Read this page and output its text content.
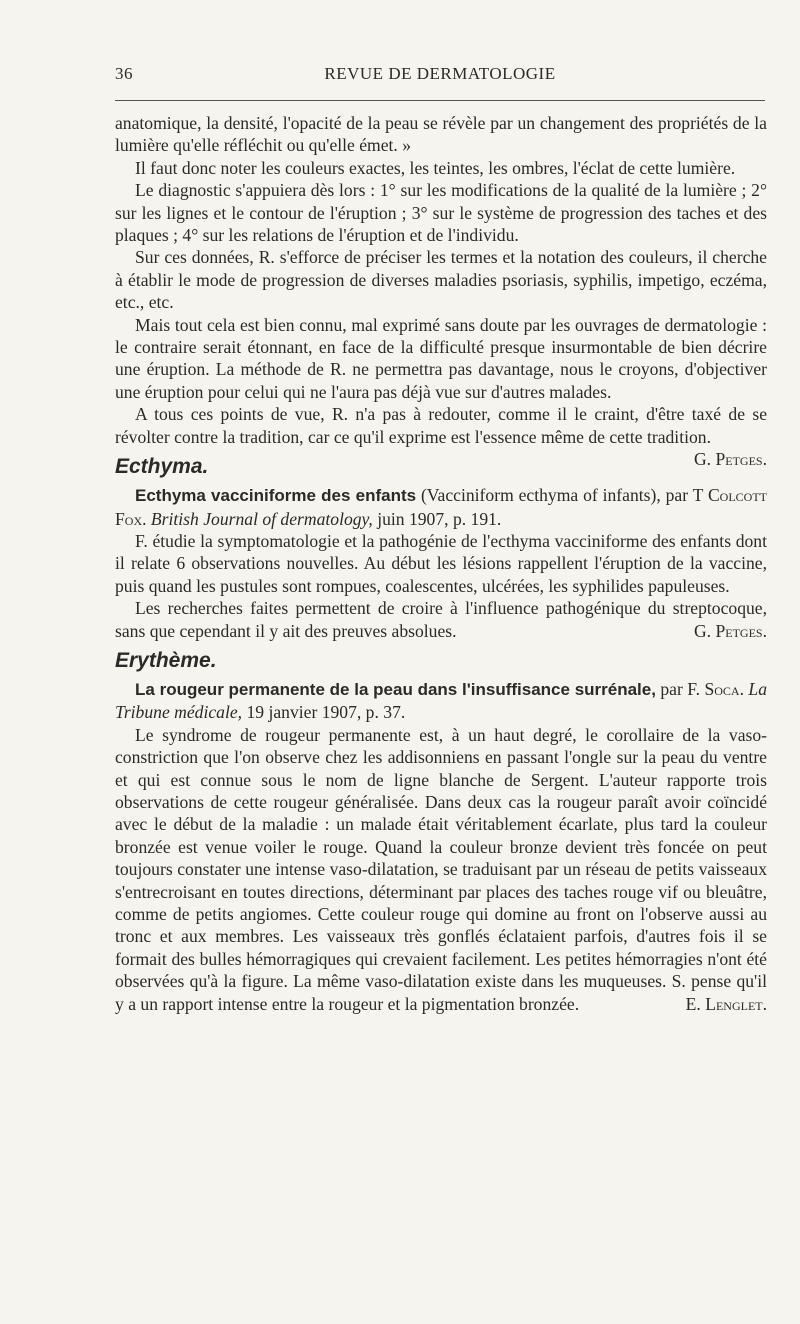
36	REVUE DE DERMATOLOGIE

anatomique, la densité, l'opacité de la peau se révèle par un changement des propriétés de la lumière qu'elle réfléchit ou qu'elle émet. »

Il faut donc noter les couleurs exactes, les teintes, les ombres, l'éclat de cette lumière.

Le diagnostic s'appuiera dès lors : 1° sur les modifications de la qualité de la lumière ; 2° sur les lignes et le contour de l'éruption ; 3° sur le système de progression des taches et des plaques ; 4° sur les relations de l'éruption et de l'individu.

Sur ces données, R. s'efforce de préciser les termes et la notation des couleurs, il cherche à établir le mode de progression de diverses maladies psoriasis, syphilis, impetigo, eczéma, etc., etc.

Mais tout cela est bien connu, mal exprimé sans doute par les ouvrages de dermatologie : le contraire serait étonnant, en face de la difficulté presque insurmontable de bien décrire une éruption. La méthode de R. ne permettra pas davantage, nous le croyons, d'objectiver une éruption pour celui qui ne l'aura pas déjà vue sur d'autres malades.

A tous ces points de vue, R. n'a pas à redouter, comme il le craint, d'être taxé de se révolter contre la tradition, car ce qu'il exprime est l'essence même de cette tradition.
G. Petges.

Ecthyma.

Ecthyma vacciniforme des enfants (Vacciniform ecthyma of infants), par T Colcott Fox. British Journal of dermatology, juin 1907, p. 191.

F. étudie la symptomatologie et la pathogénie de l'ecthyma vacciniforme des enfants dont il relate 6 observations nouvelles. Au début les lésions rappellent l'éruption de la vaccine, puis quand les pustules sont rompues, coalescentes, ulcérées, les syphilides papuleuses.

Les recherches faites permettent de croire à l'influence pathogénique du streptocoque, sans que cependant il y ait des preuves absolues.	G. Petges.

Erythème.

La rougeur permanente de la peau dans l'insuffisance surrénale, par F. Soca. La Tribune médicale, 19 janvier 1907, p. 37.

Le syndrome de rougeur permanente est, à un haut degré, le corollaire de la vaso-constriction que l'on observe chez les addisonniens en passant l'ongle sur la peau du ventre et qui est connue sous le nom de ligne blanche de Sergent. L'auteur rapporte trois observations de cette rougeur généralisée. Dans deux cas la rougeur paraît avoir coïncidé avec le début de la maladie : un malade était véritablement écarlate, plus tard la couleur bronzée est venue voiler le rouge. Quand la couleur bronze devient très foncée on peut toujours constater une intense vaso-dilatation, se traduisant par un réseau de petits vaisseaux s'entrecroisant en toutes directions, déterminant par places des taches rouge vif ou bleuâtre, comme de petits angiomes. Cette couleur rouge qui domine au front on l'observe aussi au tronc et aux membres. Les vaisseaux très gonflés éclataient parfois, d'autres fois il se formait des bulles hémorragiques qui crevaient facilement. Les petites hémorragies n'ont été observées qu'à la figure. La même vaso-dilatation existe dans les muqueuses. S. pense qu'il y a un rapport intense entre la rougeur et la pigmentation bronzée.	E. Lenglet.
